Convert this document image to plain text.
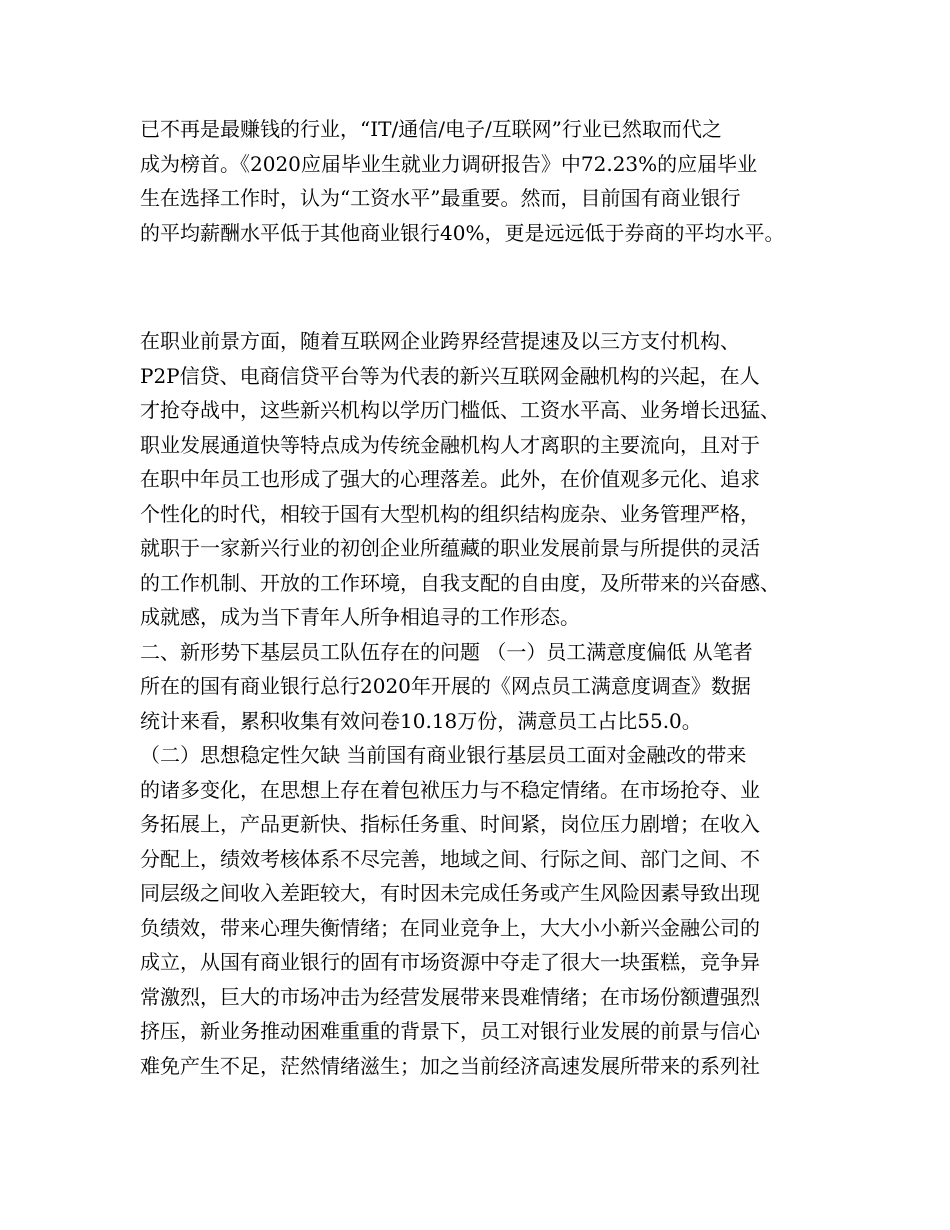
已不再是最赚钱的行业，“IT/通信/电子/互联网”行业已然取而代之
成为榜首。《2020应届毕业生就业力调研报告》中72.23%的应届毕业
生在选择工作时，认为“工资水平”最重要。然而，目前国有商业银行
的平均薪酬水平低于其他商业银行40%，更是远远低于券商的平均水平。
在职业前景方面，随着互联网企业跨界经营提速及以三方支付机构、
P2P信贷、电商信贷平台等为代表的新兴互联网金融机构的兴起，在人
才抢夺战中，这些新兴机构以学历门槛低、工资水平高、业务增长迅猛、
职业发展通道快等特点成为传统金融机构人才离职的主要流向，且对于
在职中年员工也形成了强大的心理落差。此外，在价值观多元化、追求
个性化的时代，相较于国有大型机构的组织结构庞杂、业务管理严格，
就职于一家新兴行业的初创企业所蕴藏的职业发展前景与所提供的灵活
的工作机制、开放的工作环境，自我支配的自由度，及所带来的兴奋感、
成就感，成为当下青年人所争相追寻的工作形态。
二、新形势下基层员工队伍存在的问题 （一）员工满意度偏低 从笔者
所在的国有商业银行总行2020年开展的《网点员工满意度调查》数据
统计来看，累积收集有效问卷10.18万份，满意员工占比55.0。
（二）思想稳定性欠缺 当前国有商业银行基层员工面对金融改的带来
的诸多变化，在思想上存在着包袱压力与不稳定情绪。在市场抢夺、业
务拓展上，产品更新快、指标任务重、时间紧，岗位压力剧增；在收入
分配上，绩效考核体系不尽完善，地域之间、行际之间、部门之间、不
同层级之间收入差距较大，有时因未完成任务或产生风险因素导致出现
负绩效，带来心理失衡情绪；在同业竞争上，大大小小新兴金融公司的
成立，从国有商业银行的固有市场资源中夺走了很大一块蛋糕，竞争异
常激烈，巨大的市场冲击为经营发展带来畏难情绪；在市场份额遭强烈
挤压，新业务推动困难重重的背景下，员工对银行业发展的前景与信心
难免产生不足，茫然情绪滋生；加之当前经济高速发展所带来的系列社
